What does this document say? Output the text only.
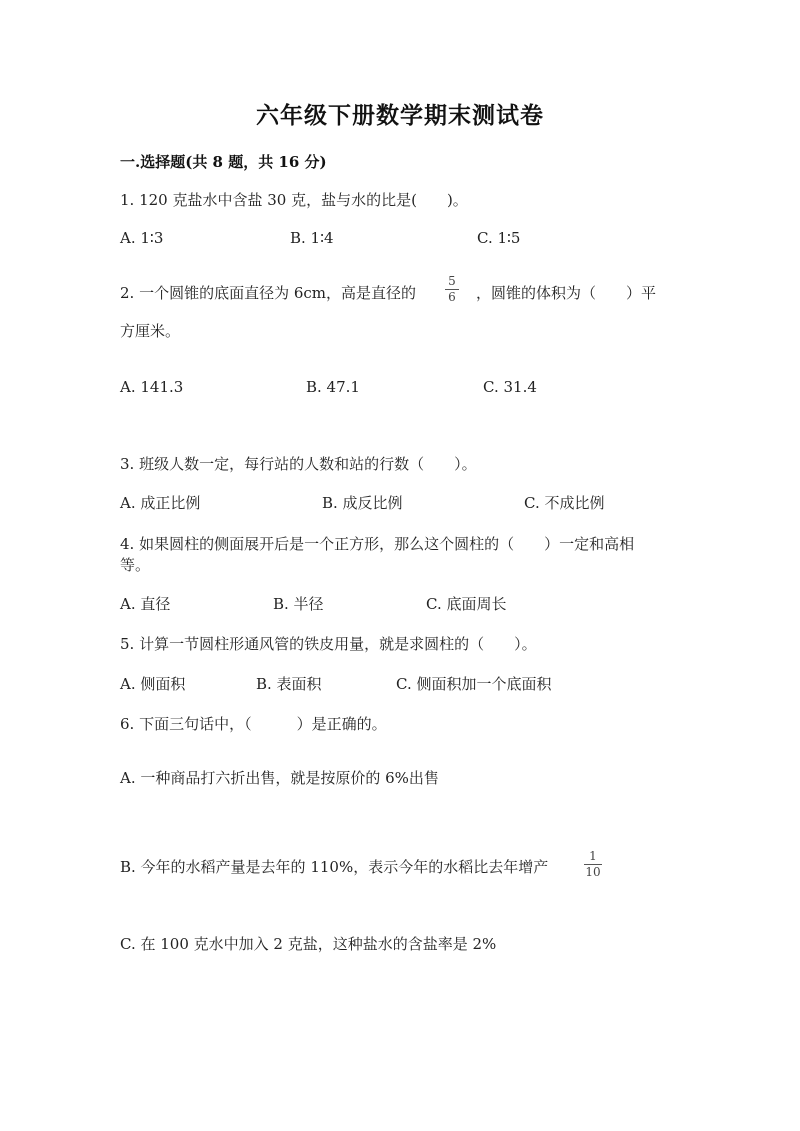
六年级下册数学期末测试卷
一.选择题(共 8 题，共 16 分)
1. 120 克盐水中含盐 30 克，盐与水的比是(　　)。
A. 1∶3	B. 1∶4	C. 1∶5
2. 一个圆锥的底面直径为 6cm，高是直径的
5
6 ，圆锥的体积为（　　）平
方厘米。
A. 141.3	B. 47.1	C. 31.4
3. 班级人数一定，每行站的人数和站的行数（　　）。
A. 成正比例	B. 成反比例	C. 不成比例
4. 如果圆柱的侧面展开后是一个正方形，那么这个圆柱的（　　）一定和高相
等。
A. 直径	B. 半径	C. 底面周长
5. 计算一节圆柱形通风管的铁皮用量，就是求圆柱的（　　）。
A. 侧面积	B. 表面积	C. 侧面积加一个底面积
6. 下面三句话中，（　　　）是正确的。
A. 一种商品打六折出售，就是按原价的 6%出售
B. 今年的水稻产量是去年的 110%，表示今年的水稻比去年增产
1
10
C. 在 100 克水中加入 2 克盐，这种盐水的含盐率是 2%
